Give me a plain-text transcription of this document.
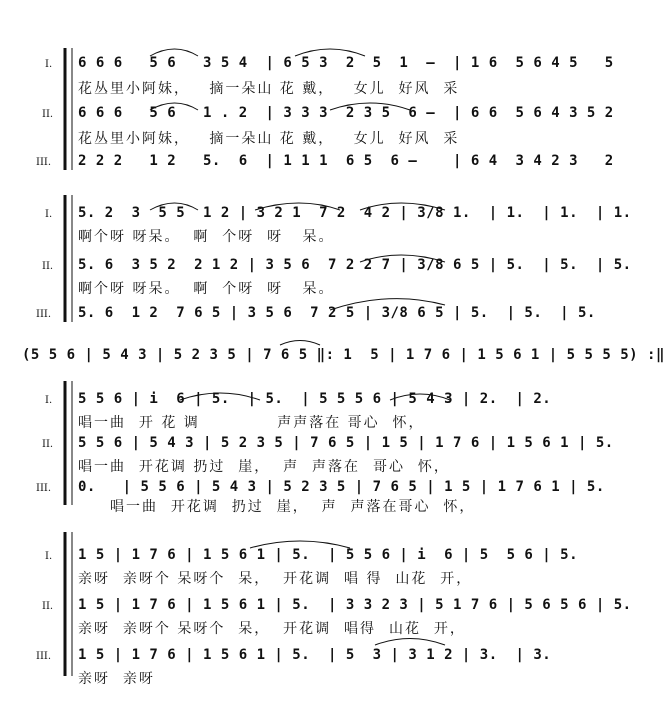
I. 6 6 6   5 6   3 5 4  | 6 5 3  2  5  1  –  | 1 6  5 6 4 5   5
花丛里小阿妹，   摘一朵山 花 戴，   女儿  好风  采
II. 6 6 6   5 6   1 . 2  | 3 3 3  2 3 5  6 –  | 6 6  5 6 4 3 5 2
花丛里小阿妹，   摘一朵山 花 戴，   女儿  好风  采
III. 2 2 2   1 2   5.  6  | 1 1 1  6 5  6 –    | 6 4  3 4 2 3   2
I. 5. 2  3  5 5  1 2 | 3 2 1  7 2  4 2 | 3/8 1.  | 1.  | 1.  | 1.
啊个呀 呀呆。  啊  个呀  呀   呆。
II. 5. 6  3 5 2  2 1 2 | 3 5 6  7 2 2 7 | 3/8 6 5 | 5.  | 5.  | 5.
啊个呀 呀呆。  啊  个呀  呀   呆。
III. 5. 6  1 2  7 6 5 | 3 5 6  7 2 5 | 3/8 6 5 | 5.  | 5.  | 5.
(5 5 6 | 5 4 3 | 5 2 3 5 | 7 6 5 ‖: 1  5 | 1 7 6 | 1 5 6 1 | 5 5 5 5) :‖
I. 5 5 6 | i  6 | 5.  | 5.  | 5 5 5 6 | 5 4 3 | 2.  | 2.
唱一曲  开 花 调            声声落在 哥心  怀，
II. 5 5 6 | 5 4 3 | 5 2 3 5 | 7 6 5 | 1 5 | 1 7 6 | 1 5 6 1 | 5.
唱一曲  开花调 扔过  崖，  声  声落在  哥心  怀，
III. 0.   | 5 5 6 | 5 4 3 | 5 2 3 5 | 7 6 5 | 1 5 | 1 7 6 1 | 5.
唱一曲  开花调  扔过  崖，  声  声落在哥心  怀，
I. 1 5 | 1 7 6 | 1 5 6 1 | 5.  | 5 5 6 | i  6 | 5  5 6 | 5.
亲呀  亲呀个 呆呀个  呆，  开花调  唱 得  山花  开，
II. 1 5 | 1 7 6 | 1 5 6 1 | 5.  | 3 3 2 3 | 5 1 7 6 | 5 6 5 6 | 5.
亲呀  亲呀个 呆呀个  呆，  开花调  唱得  山花  开，
III. 1 5 | 1 7 6 | 1 5 6 1 | 5.  | 5  3 | 3 1 2 | 3.  | 3.
亲呀  亲呀
